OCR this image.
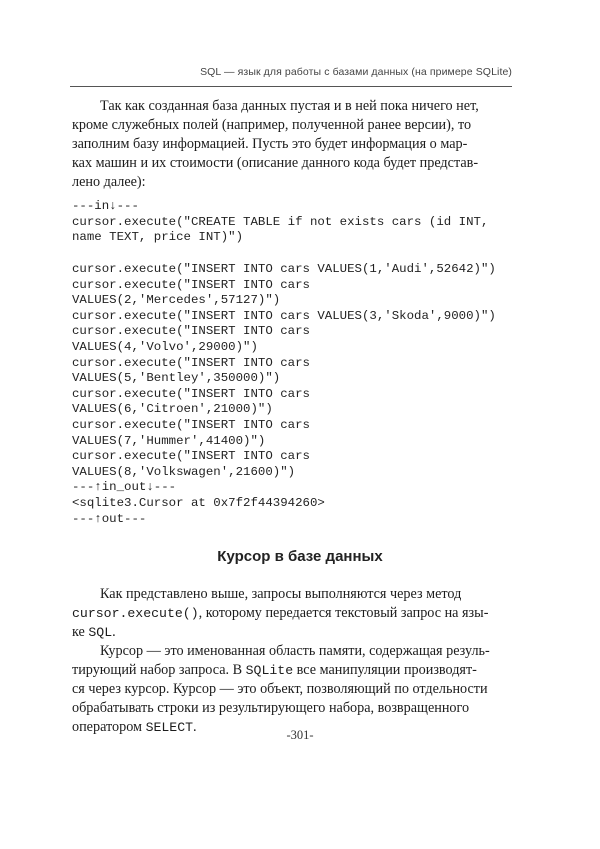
SQL — язык для работы с базами данных (на примере SQLite)
Так как созданная база данных пустая и в ней пока ничего нет,
кроме служебных полей (например, полученной ранее версии), то
заполним базу информацией. Пусть это будет информация о мар-
ках машин и их стоимости (описание данного кода будет представ-
лено далее):
---in↓---
cursor.execute("CREATE TABLE if not exists cars (id INT,
name TEXT, price INT)")
cursor.execute("INSERT INTO cars VALUES(1,'Audi',52642)")
cursor.execute("INSERT INTO cars
VALUES(2,'Mercedes',57127)")
cursor.execute("INSERT INTO cars VALUES(3,'Skoda',9000)")
cursor.execute("INSERT INTO cars
VALUES(4,'Volvo',29000)")
cursor.execute("INSERT INTO cars
VALUES(5,'Bentley',350000)")
cursor.execute("INSERT INTO cars
VALUES(6,'Citroen',21000)")
cursor.execute("INSERT INTO cars
VALUES(7,'Hummer',41400)")
cursor.execute("INSERT INTO cars
VALUES(8,'Volkswagen',21600)")
---↑in_out↓---
<sqlite3.Cursor at 0x7f2f44394260>
---↑out---
Курсор в базе данных
Как представлено выше, запросы выполняются через метод
cursor.execute(), которому передается текстовый запрос на язы-
ке SQL.
Курсор — это именованная область памяти, содержащая резуль-
тирующий набор запроса. В SQLite все манипуляции производят-
ся через курсор. Курсор — это объект, позволяющий по отдельности
обрабатывать строки из результирующего набора, возвращенного
оператором SELECT.	-301-
